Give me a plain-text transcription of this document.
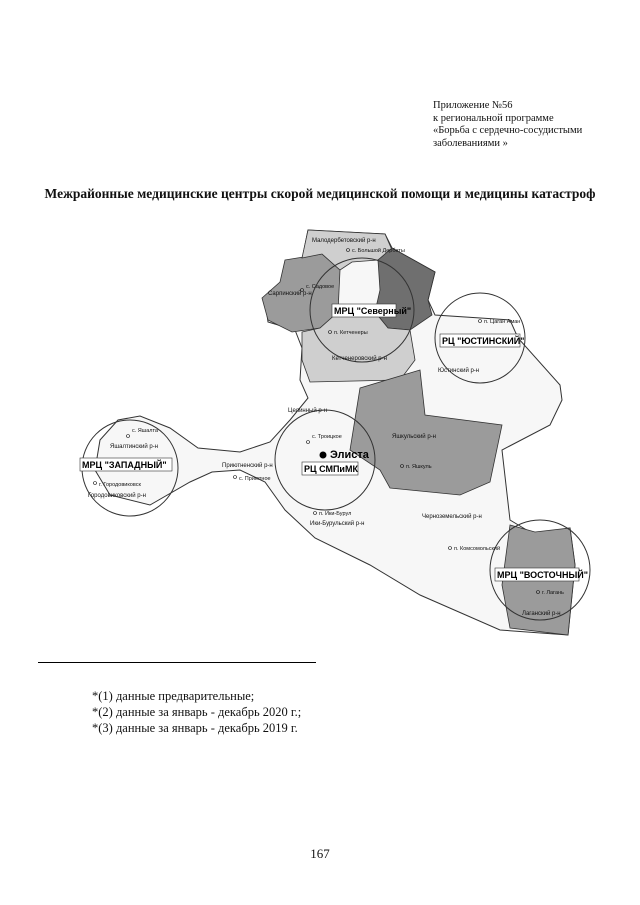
Приложение №56
к региональной программе
«Борьба с сердечно-сосудистыми
заболеваниями »
Межрайонные медицинские центры скорой медицинской помощи и медицины катастроф
МРЦ "Северный"
РЦ "ЮСТИНСКИЙ"
МРЦ "ЗАПАДНЫЙ"	РЦ СМПиМК
МРЦ "ВОСТОЧНЫЙ"
Элиста
Малодербетовский р-н
Сарпинский р-н
Кетченеровский р-н
Юстинский р-н
Целинный р-н
Яшалтинский р-н
Приютненский р-н
Городовиковский р-н
Яшкульский р-н
Ики-Бурульский р-н
Черноземельский р-н
Лаганский р-н
с. Большой Дербеты
с. Садовое
п. Кетченеры
п. Цаган Аман
с. Троицкое
с. Яшалта
с. Приютное
г. Городовиковск
п. Яшкуль
п. Ики-Бурул
п. Комсомольский
г. Лагань
*(1) данные предварительные;
*(2) данные за январь - декабрь 2020 г.;
*(3) данные за январь - декабрь 2019 г.
167
